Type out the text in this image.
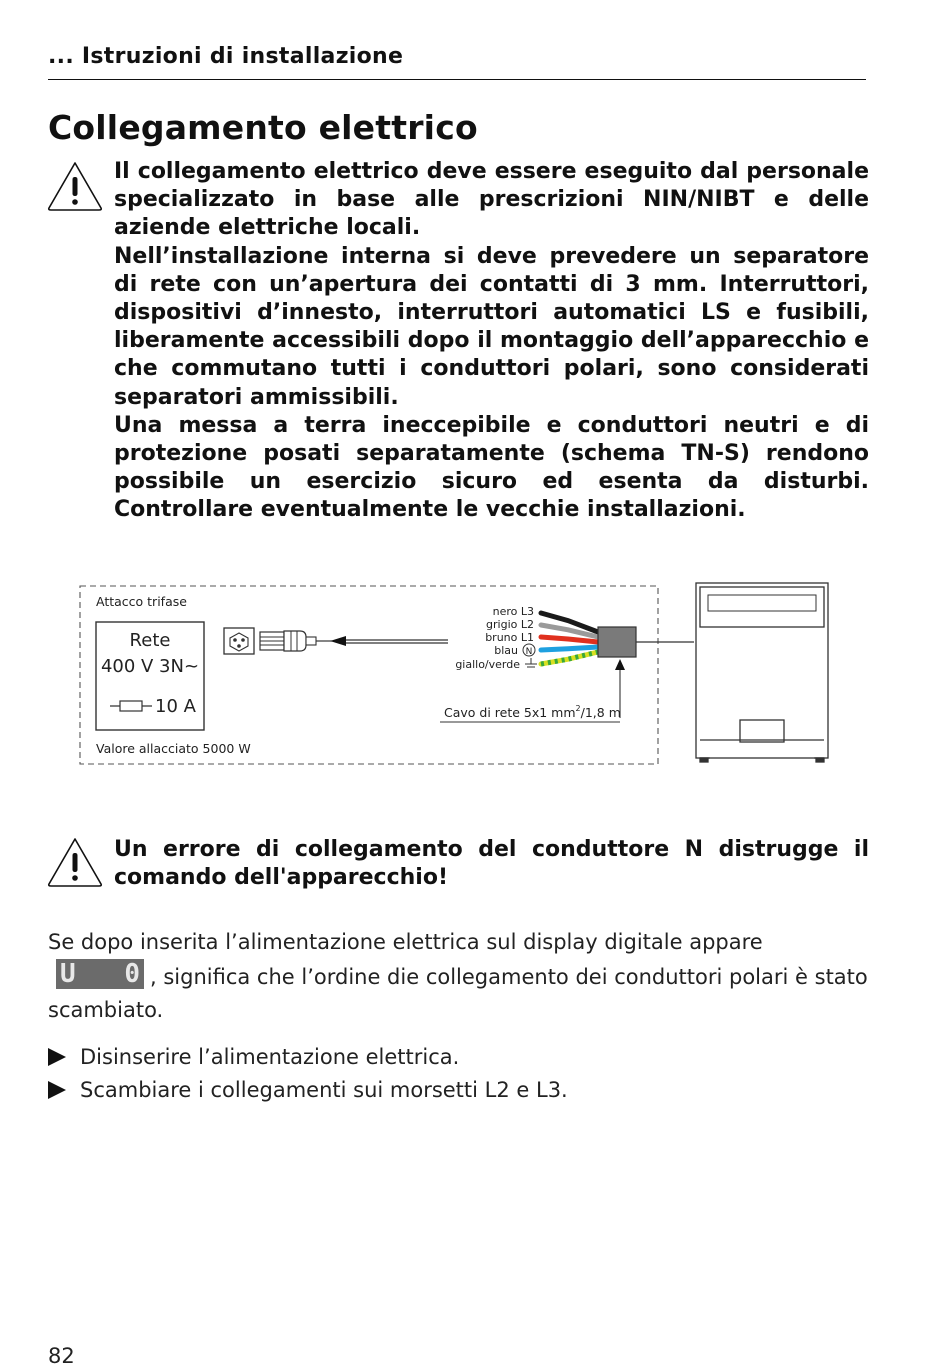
... Istruzioni di installazione
Collegamento elettrico

Il collegamento elettrico deve essere eseguito dal personale specializzato in base alle prescrizioni NIN/NIBT e delle aziende elettriche locali.

Nell’installazione interna si deve prevedere un separatore di rete con un’apertura dei contatti di 3 mm. Interruttori, dispositivi d’innesto, interruttori automatici LS e fusibili, liberamente accessibili dopo il montaggio dell’apparecchio e che commutano tutti i conduttori polari, sono considerati separatori ammissibili.

Una messa a terra ineccepibile e conduttori neutri e di protezione posati separatamente (schema TN-S) rendono possibile un esercizio sicuro ed esenta da disturbi. Controllare eventualmente le vecchie installazioni.

Attacco trifase
Rete
400 V 3N~
10 A
Valore allacciato 5000 W
nero L3
grigio L2
bruno L1
blau N
giallo/verde
Cavo di rete 5x1 $mm^2/1,8$ m
Un errore di collegamento del conduttore N distrugge il comando dell'apparecchio!
Se dopo inserita l’alimentazione elettrica sul display digitale appare

U 0 , significa che l’ordine die collegamento dei conduttori polari è stato scambiato.
Disinserire l’alimentazione elettrica.
Scambiare i collegamenti sui morsetti L2 e L3.
82
